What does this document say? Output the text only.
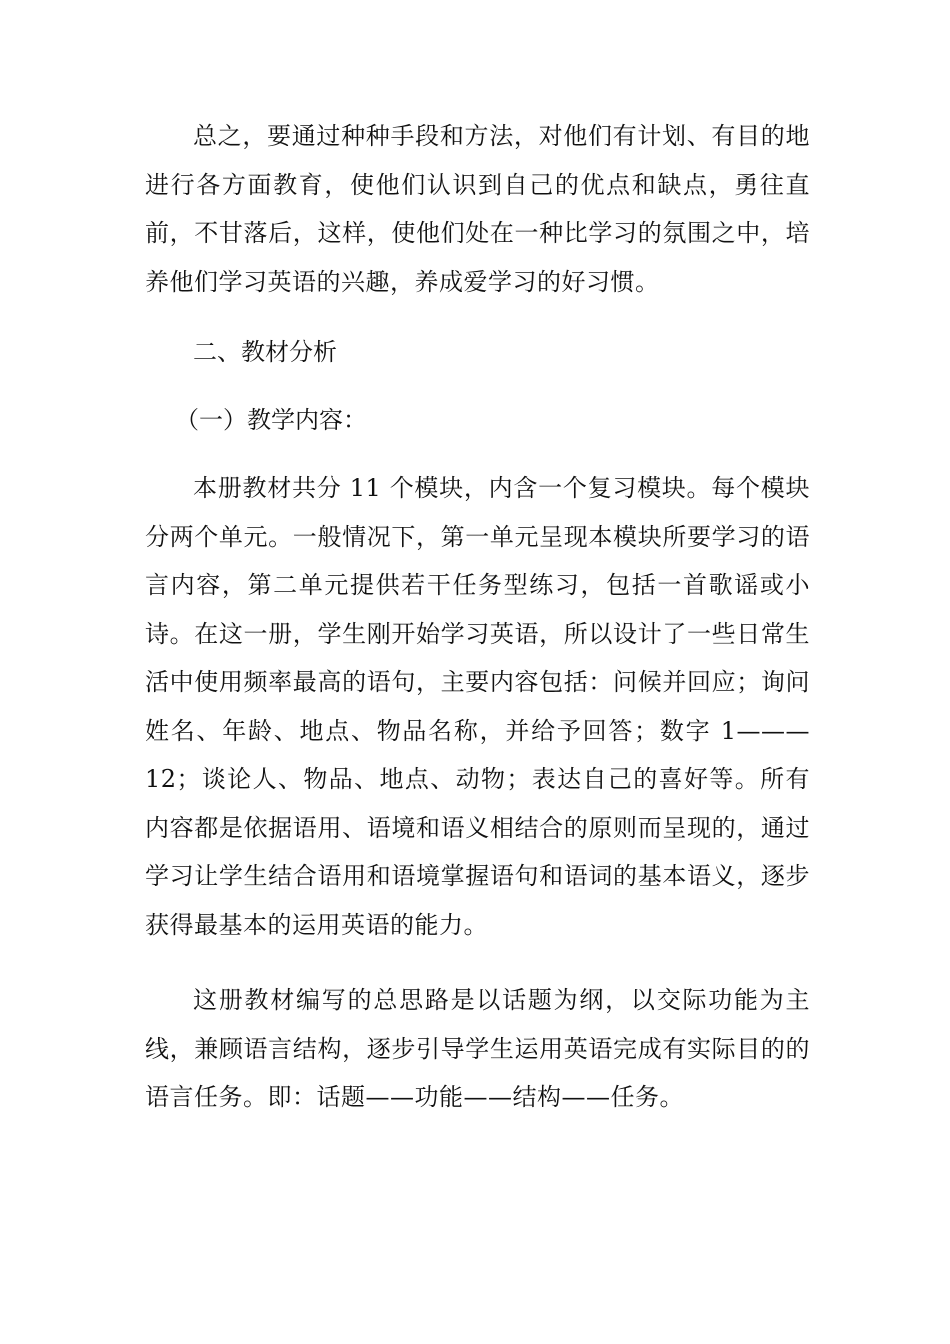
总之，要通过种种手段和方法，对他们有计划、有目的地进行各方面教育，使他们认识到自己的优点和缺点，勇往直前，不甘落后，这样，使他们处在一种比学习的氛围之中，培养他们学习英语的兴趣，养成爱学习的好习惯。

二、教材分析

（一）教学内容：

本册教材共分 11 个模块，内含一个复习模块。每个模块分两个单元。一般情况下，第一单元呈现本模块所要学习的语言内容，第二单元提供若干任务型练习，包括一首歌谣或小诗。在这一册，学生刚开始学习英语，所以设计了一些日常生活中使用频率最高的语句，主要内容包括：问候并回应；询问姓名、年龄、地点、物品名称，并给予回答；数字 1———12；谈论人、物品、地点、动物；表达自己的喜好等。所有内容都是依据语用、语境和语义相结合的原则而呈现的，通过学习让学生结合语用和语境掌握语句和语词的基本语义，逐步获得最基本的运用英语的能力。

这册教材编写的总思路是以话题为纲，以交际功能为主线，兼顾语言结构，逐步引导学生运用英语完成有实际目的的语言任务。即：话题——功能——结构——任务。
